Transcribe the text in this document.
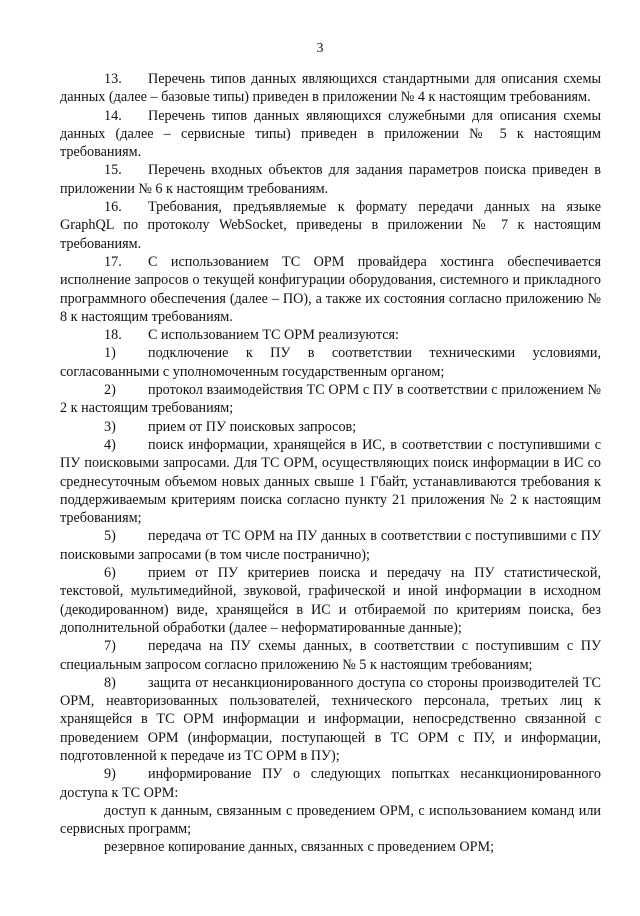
3

13. Перечень типов данных являющихся стандартными для описания схемы данных (далее – базовые типы) приведен в приложении № 4 к настоящим требованиям.

14. Перечень типов данных являющихся служебными для описания схемы данных (далее – сервисные типы) приведен в приложении № 5 к настоящим требованиям.

15. Перечень входных объектов для задания параметров поиска приведен в приложении № 6 к настоящим требованиям.

16. Требования, предъявляемые к формату передачи данных на языке GraphQL по протоколу WebSocket, приведены в приложении № 7 к настоящим требованиям.

17. С использованием ТС ОРМ провайдера хостинга обеспечивается исполнение запросов о текущей конфигурации оборудования, системного и прикладного программного обеспечения (далее – ПО), а также их состояния согласно приложению № 8 к настоящим требованиям.

18. С использованием ТС ОРМ реализуются:

1) подключение к ПУ в соответствии техническими условиями, согласованными с уполномоченным государственным органом;

2) протокол взаимодействия ТС ОРМ с ПУ в соответствии с приложением № 2 к настоящим требованиям;

3) прием от ПУ поисковых запросов;

4) поиск информации, хранящейся в ИС, в соответствии с поступившими с ПУ поисковыми запросами. Для ТС ОРМ, осуществляющих поиск информации в ИС со среднесуточным объемом новых данных свыше 1 Гбайт, устанавливаются требования к поддерживаемым критериям поиска согласно пункту 21 приложения № 2 к настоящим требованиям;

5) передача от ТС ОРМ на ПУ данных в соответствии с поступившими с ПУ поисковыми запросами (в том числе постранично);

6) прием от ПУ критериев поиска и передачу на ПУ статистической, текстовой, мультимедийной, звуковой, графической и иной информации в исходном (декодированном) виде, хранящейся в ИС и отбираемой по критериям поиска, без дополнительной обработки (далее – неформатированные данные);

7) передача на ПУ схемы данных, в соответствии с поступившим с ПУ специальным запросом согласно приложению № 5 к настоящим требованиям;

8) защита от несанкционированного доступа со стороны производителей ТС ОРМ, неавторизованных пользователей, технического персонала, третьих лиц к хранящейся в ТС ОРМ информации и информации, непосредственно связанной с проведением ОРМ (информации, поступающей в ТС ОРМ с ПУ, и информации, подготовленной к передаче из ТС ОРМ в ПУ);

9) информирование ПУ о следующих попытках несанкционированного доступа к ТС ОРМ:

доступ к данным, связанным с проведением ОРМ, с использованием команд или сервисных программ;

резервное копирование данных, связанных с проведением ОРМ;
